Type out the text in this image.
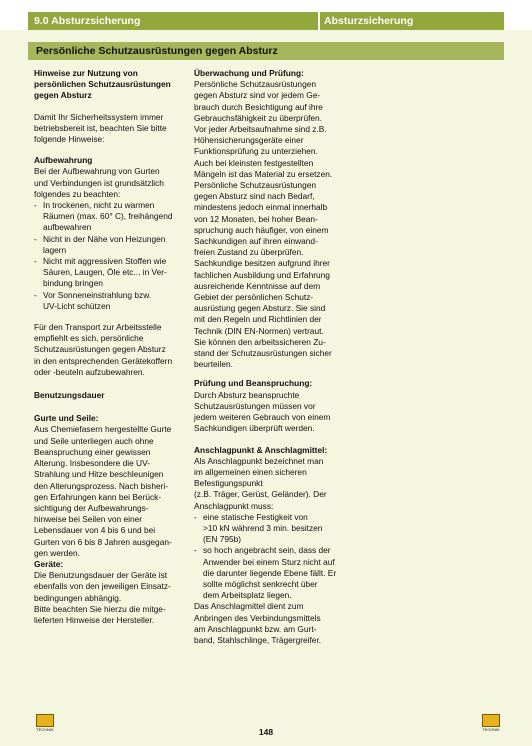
9.0 Absturzsicherung	Absturzsicherung
Persönliche Schutzausrüstungen gegen Absturz

Hinweise zur Nutzung von

persönlichen Schutzausrüstungen

gegen Absturz

Damit Ihr Sicherheitssystem immer

betriebsbereit ist, beachten Sie bitte

folgende Hinweise:

Aufbewahrung

Bei der Aufbewahrung von Gurten

und Verbindungen ist grundsätzlich

folgendes zu beachten:

- In trockenen, nicht zu warmen

Räumen (max. 60° C), freihängend

aufbewahren

- Nicht in der Nähe von Heizungen

lagern

- Nicht mit aggressiven Stoffen wie

Säuren, Laugen, Öle etc... in Ver-

bindung bringen

- Vor Sonneneinstrahlung bzw.

UV-Licht schützen

Für den Transport zur Arbeitsstelle

empfiehlt es sich, persönliche

Schutzausrüstungen gegen Absturz

in den entsprechenden Gerätekoffern

oder -beuteln aufzubewahren.

Benutzungsdauer

Gurte und Seile:

Aus Chemiefasern hergestellte Gurte

und Seile unterliegen auch ohne

Beanspruchung einer gewissen

Alterung. Insbesondere die UV-

Strahlung und Hitze beschleunigen

den Alterungsprozess. Nach bisheri-

gen Erfahrungen kann bei Berück-

sichtigung der Aufbewahrungs-

hinweise bei Seilen von einer

Lebensdauer von 4 bis 6 und bei

Gurten von 6 bis 8 Jahren ausgegan-

gen werden.

Geräte:

Die Benutzungsdauer der Geräte ist

ebenfalls von den jeweiligen Einsatz-

bedingungen abhängig.

Bitte beachten Sie hierzu die mitge-

lieferten Hinweise der Hersteller.

Überwachung und Prüfung:

Persönliche Schutzausrüstungen

gegen Absturz sind vor jedem Ge-

brauch durch Besichtigung auf ihre

Gebrauchsfähigkeit zu überprüfen.

Vor jeder Arbeitsaufnahme sind z.B.

Höhensicherungsgeräte einer

Funktionsprüfung zu unterziehen.

Auch bei kleinsten festgestellten

Mängeln ist das Material zu ersetzen.

Persönliche Schutzausrüstungen

gegen Absturz sind nach Bedarf,

mindestens jedoch einmal innerhalb

von 12 Monaten, bei hoher Bean-

spruchung auch häufiger, von einem

Sachkundigen auf ihren einwand-

freien Zustand zu überprüfen.

Sachkundige besitzen aufgrund ihrer

fachlichen Ausbildung und Erfahrung

ausreichende Kenntnisse auf dem

Gebiet der persönlichen Schutz-

ausrüstung gegen Absturz. Sie sind

mit den Regeln und Richtlinien der

Technik (DIN EN-Normen) vertraut.

Sie können den arbeitssicheren Zu-

stand der Schutzausrüstungen sicher

beurteilen.

Prüfung und Beanspruchung:

Durch Absturz beanspruchte

Schutzausrüstungen müssen vor

jedem weiteren Gebrauch von einem

Sachkundigen überprüft werden.

Anschlagpunkt & Anschlagmittel:

Als Anschlagpunkt bezeichnet man

im allgemeinen einen sicheren

Befestigungspunkt

(z.B. Träger, Gerüst, Geländer). Der

Anschlagpunkt muss:

- eine statische Festigkeit von

>10 kN während 3 min. besitzen

(EN 795b)

- so hoch angebracht sein, dass der

Anwender bei einem Sturz nicht auf

die darunter liegende Ebene fällt. Er

sollte möglichst senkrecht über

dem Arbeitsplatz liegen.

Das Anschlagmittel dient zum

Anbringen des Verbindungsmittels

am Anschlagpunkt bzw. am Gurt-

band, Stahlschlinge, Trägergreifer.

TECHNIK	TECHNIK
148
